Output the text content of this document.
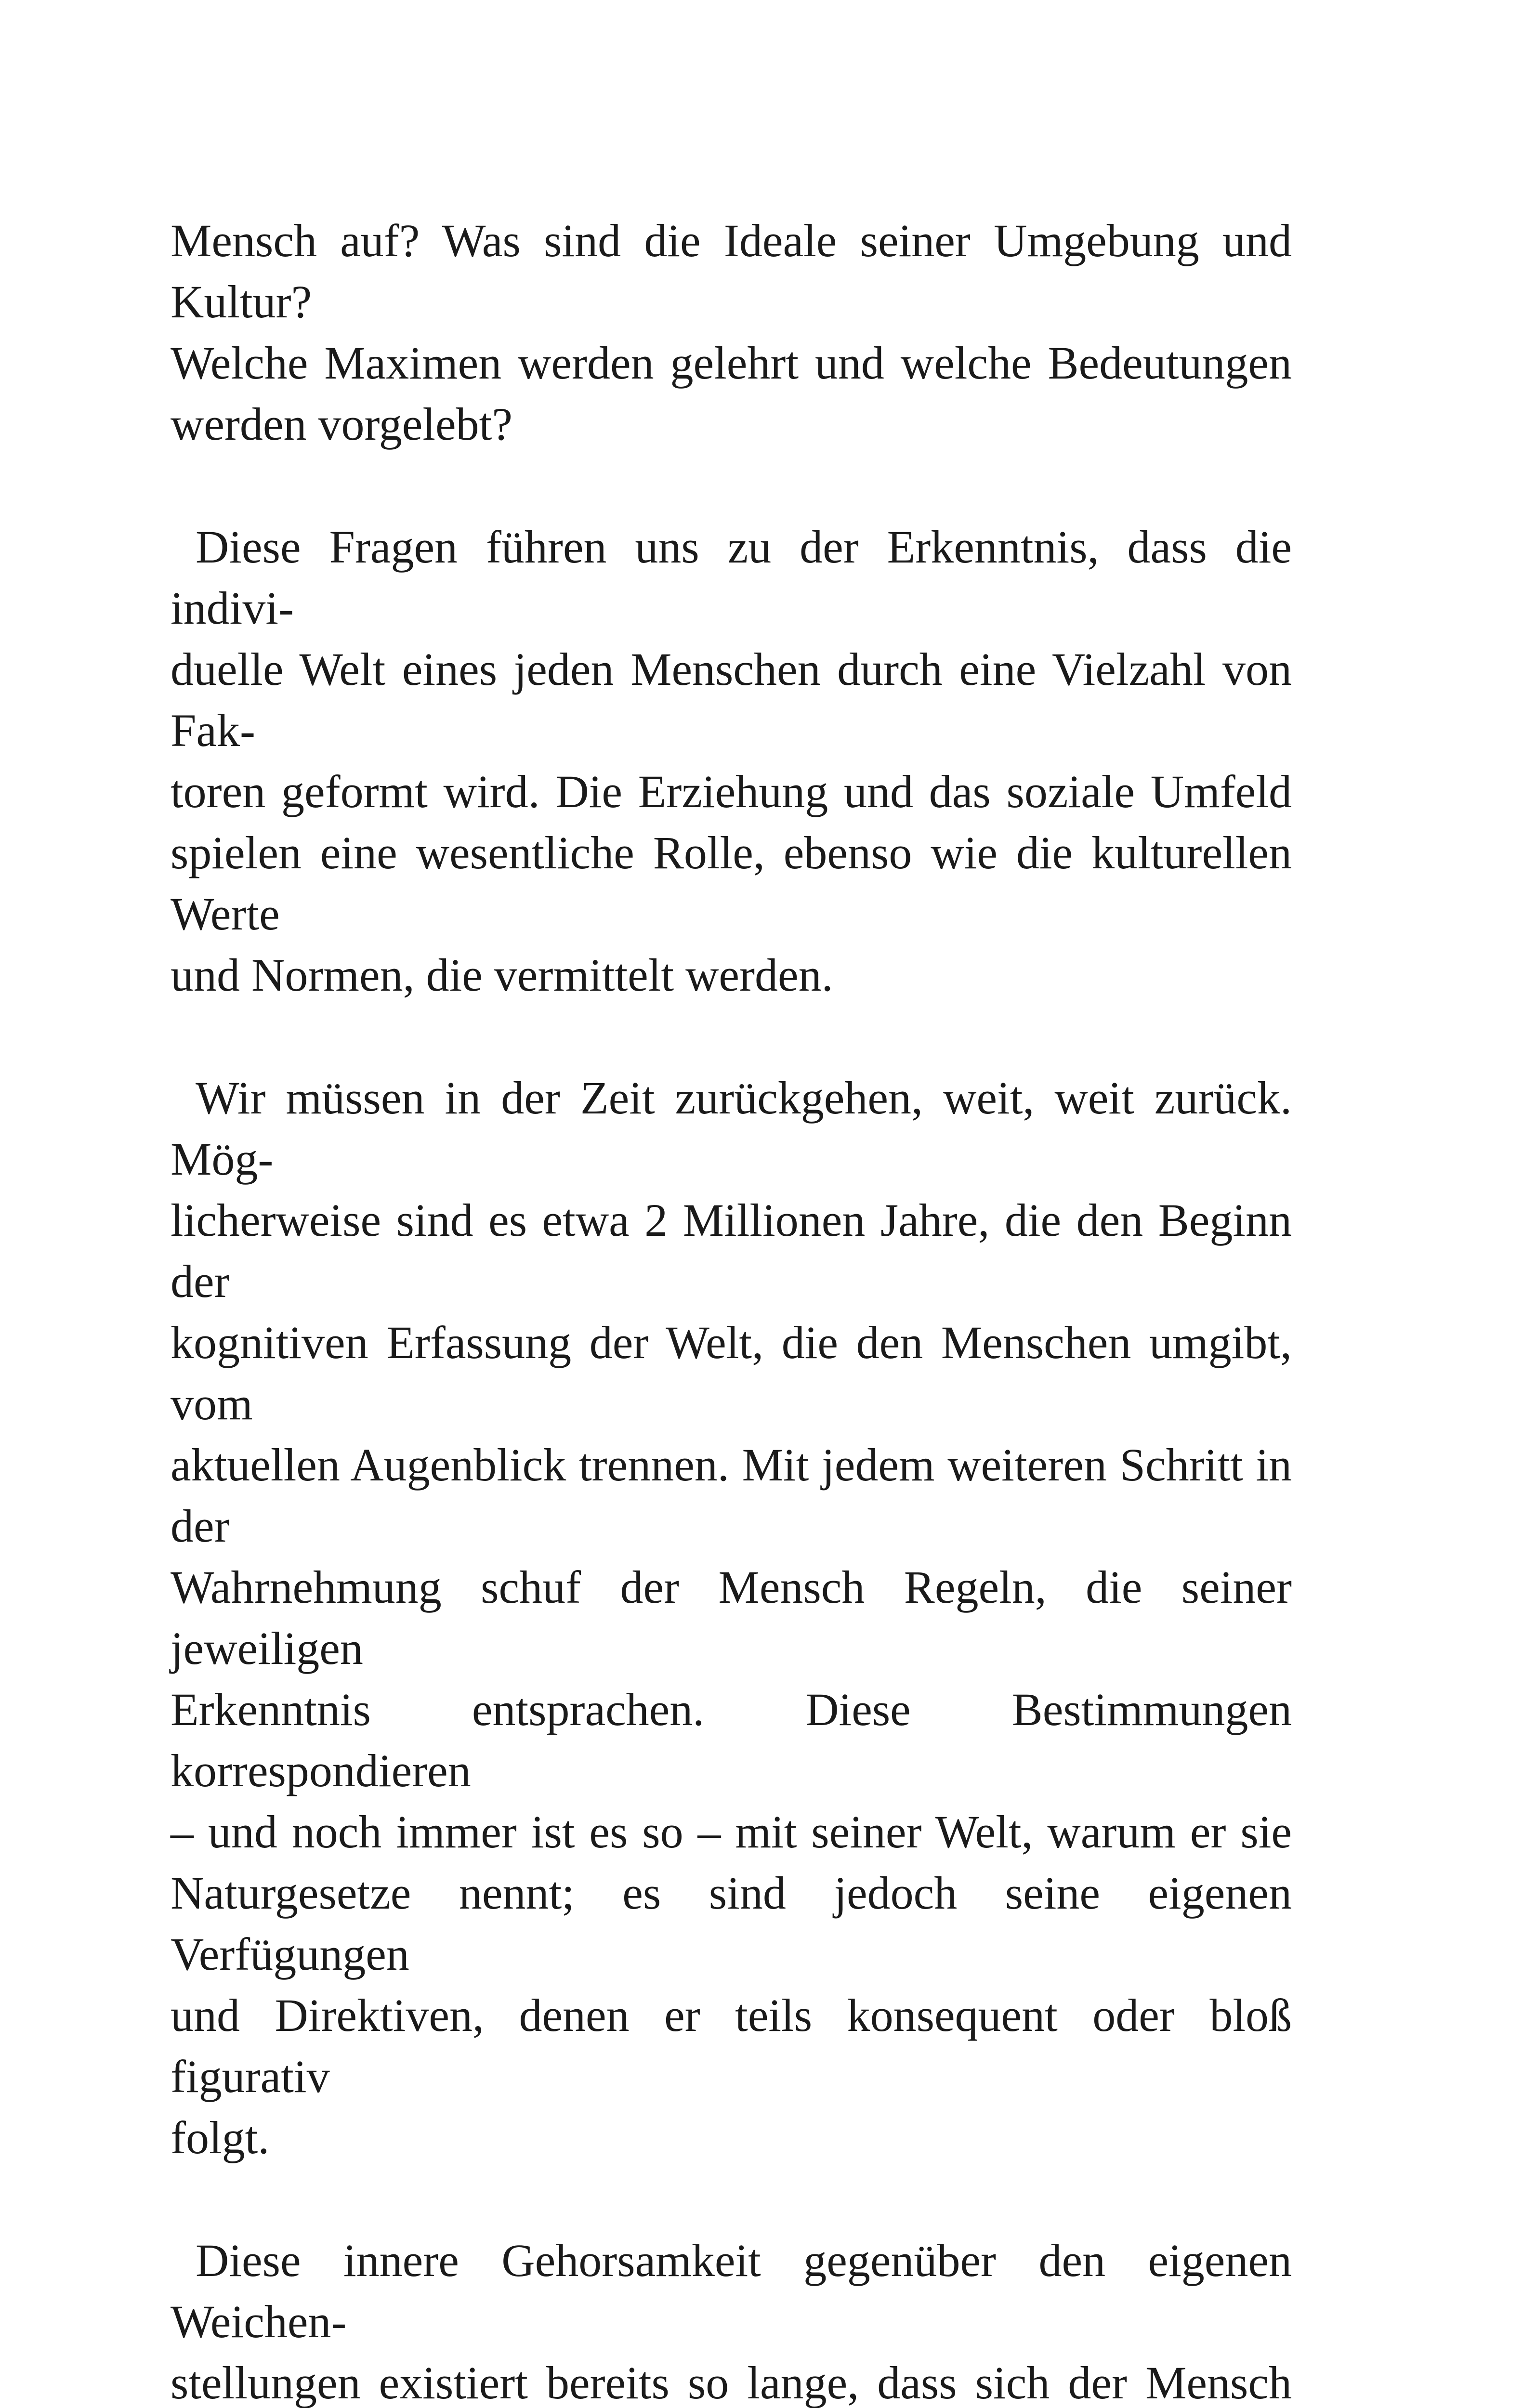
Mensch auf? Was sind die Ideale seiner Umgebung und Kultur?
Welche Maximen werden gelehrt und welche Bedeutungen
werden vorgelebt?

Diese Fragen führen uns zu der Erkenntnis, dass die indivi-
duelle Welt eines jeden Menschen durch eine Vielzahl von Fak-
toren geformt wird. Die Erziehung und das soziale Umfeld
spielen eine wesentliche Rolle, ebenso wie die kulturellen Werte
und Normen, die vermittelt werden.

Wir müssen in der Zeit zurückgehen, weit, weit zurück. Mög-
licherweise sind es etwa 2 Millionen Jahre, die den Beginn der
kognitiven Erfassung der Welt, die den Menschen umgibt, vom
aktuellen Augenblick trennen. Mit jedem weiteren Schritt in der
Wahrnehmung schuf der Mensch Regeln, die seiner jeweiligen
Erkenntnis entsprachen. Diese Bestimmungen korrespondieren
– und noch immer ist es so – mit seiner Welt, warum er sie
Naturgesetze nennt; es sind jedoch seine eigenen Verfügungen
und Direktiven, denen er teils konsequent oder bloß figurativ
folgt.

Diese innere Gehorsamkeit gegenüber den eigenen Weichen-
stellungen existiert bereits so lange, dass sich der Mensch
